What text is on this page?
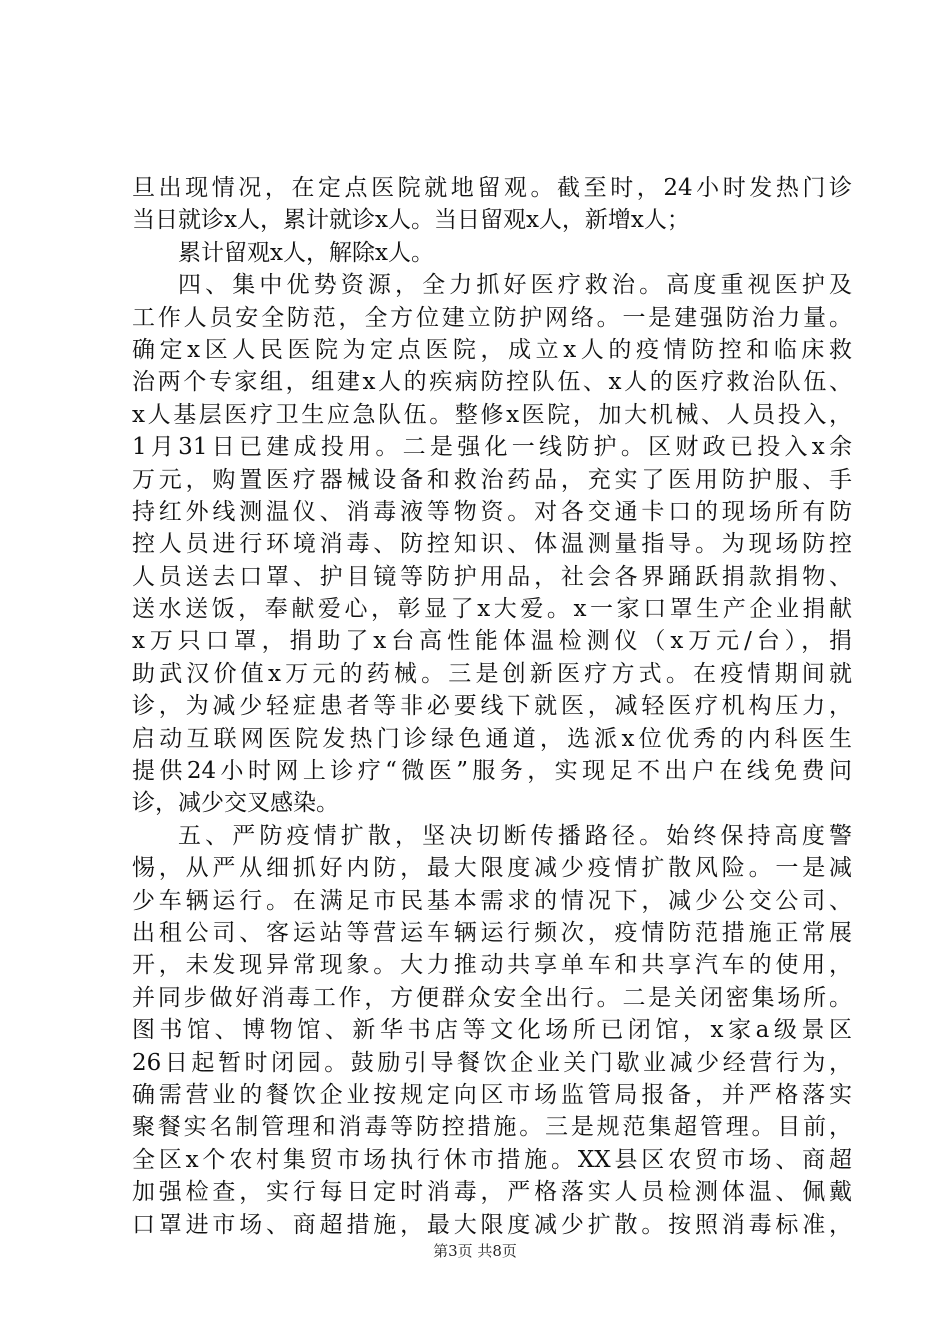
旦出现情况，在定点医院就地留观。截至时，24小时发热门诊
当日就诊x人，累计就诊x人。当日留观x人，新增x人；
累计留观x人，解除x人。
四、集中优势资源，全力抓好医疗救治。高度重视医护及
工作人员安全防范，全方位建立防护网络。一是建强防治力量。
确定x区人民医院为定点医院，成立x人的疫情防控和临床救
治两个专家组，组建x人的疾病防控队伍、x人的医疗救治队伍、
x人基层医疗卫生应急队伍。整修x医院，加大机械、人员投入，
1月31日已建成投用。二是强化一线防护。区财政已投入x余
万元，购置医疗器械设备和救治药品，充实了医用防护服、手
持红外线测温仪、消毒液等物资。对各交通卡口的现场所有防
控人员进行环境消毒、防控知识、体温测量指导。为现场防控
人员送去口罩、护目镜等防护用品，社会各界踊跃捐款捐物、
送水送饭，奉献爱心，彰显了x大爱。x一家口罩生产企业捐献
x万只口罩，捐助了x台高性能体温检测仪（x万元/台），捐
助武汉价值x万元的药械。三是创新医疗方式。在疫情期间就
诊，为减少轻症患者等非必要线下就医，减轻医疗机构压力，
启动互联网医院发热门诊绿色通道，选派x位优秀的内科医生
提供24小时网上诊疗“微医”服务，实现足不出户在线免费问
诊，减少交叉感染。
五、严防疫情扩散，坚决切断传播路径。始终保持高度警
惕，从严从细抓好内防，最大限度减少疫情扩散风险。一是减
少车辆运行。在满足市民基本需求的情况下，减少公交公司、
出租公司、客运站等营运车辆运行频次，疫情防范措施正常展
开，未发现异常现象。大力推动共享单车和共享汽车的使用，
并同步做好消毒工作，方便群众安全出行。二是关闭密集场所。
图书馆、博物馆、新华书店等文化场所已闭馆，x家a级景区
26日起暂时闭园。鼓励引导餐饮企业关门歇业减少经营行为，
确需营业的餐饮企业按规定向区市场监管局报备，并严格落实
聚餐实名制管理和消毒等防控措施。三是规范集超管理。目前，
全区x个农村集贸市场执行休市措施。XX县区农贸市场、商超
加强检查，实行每日定时消毒，严格落实人员检测体温、佩戴
口罩进市场、商超措施，最大限度减少扩散。按照消毒标准，
第3页 共8页
